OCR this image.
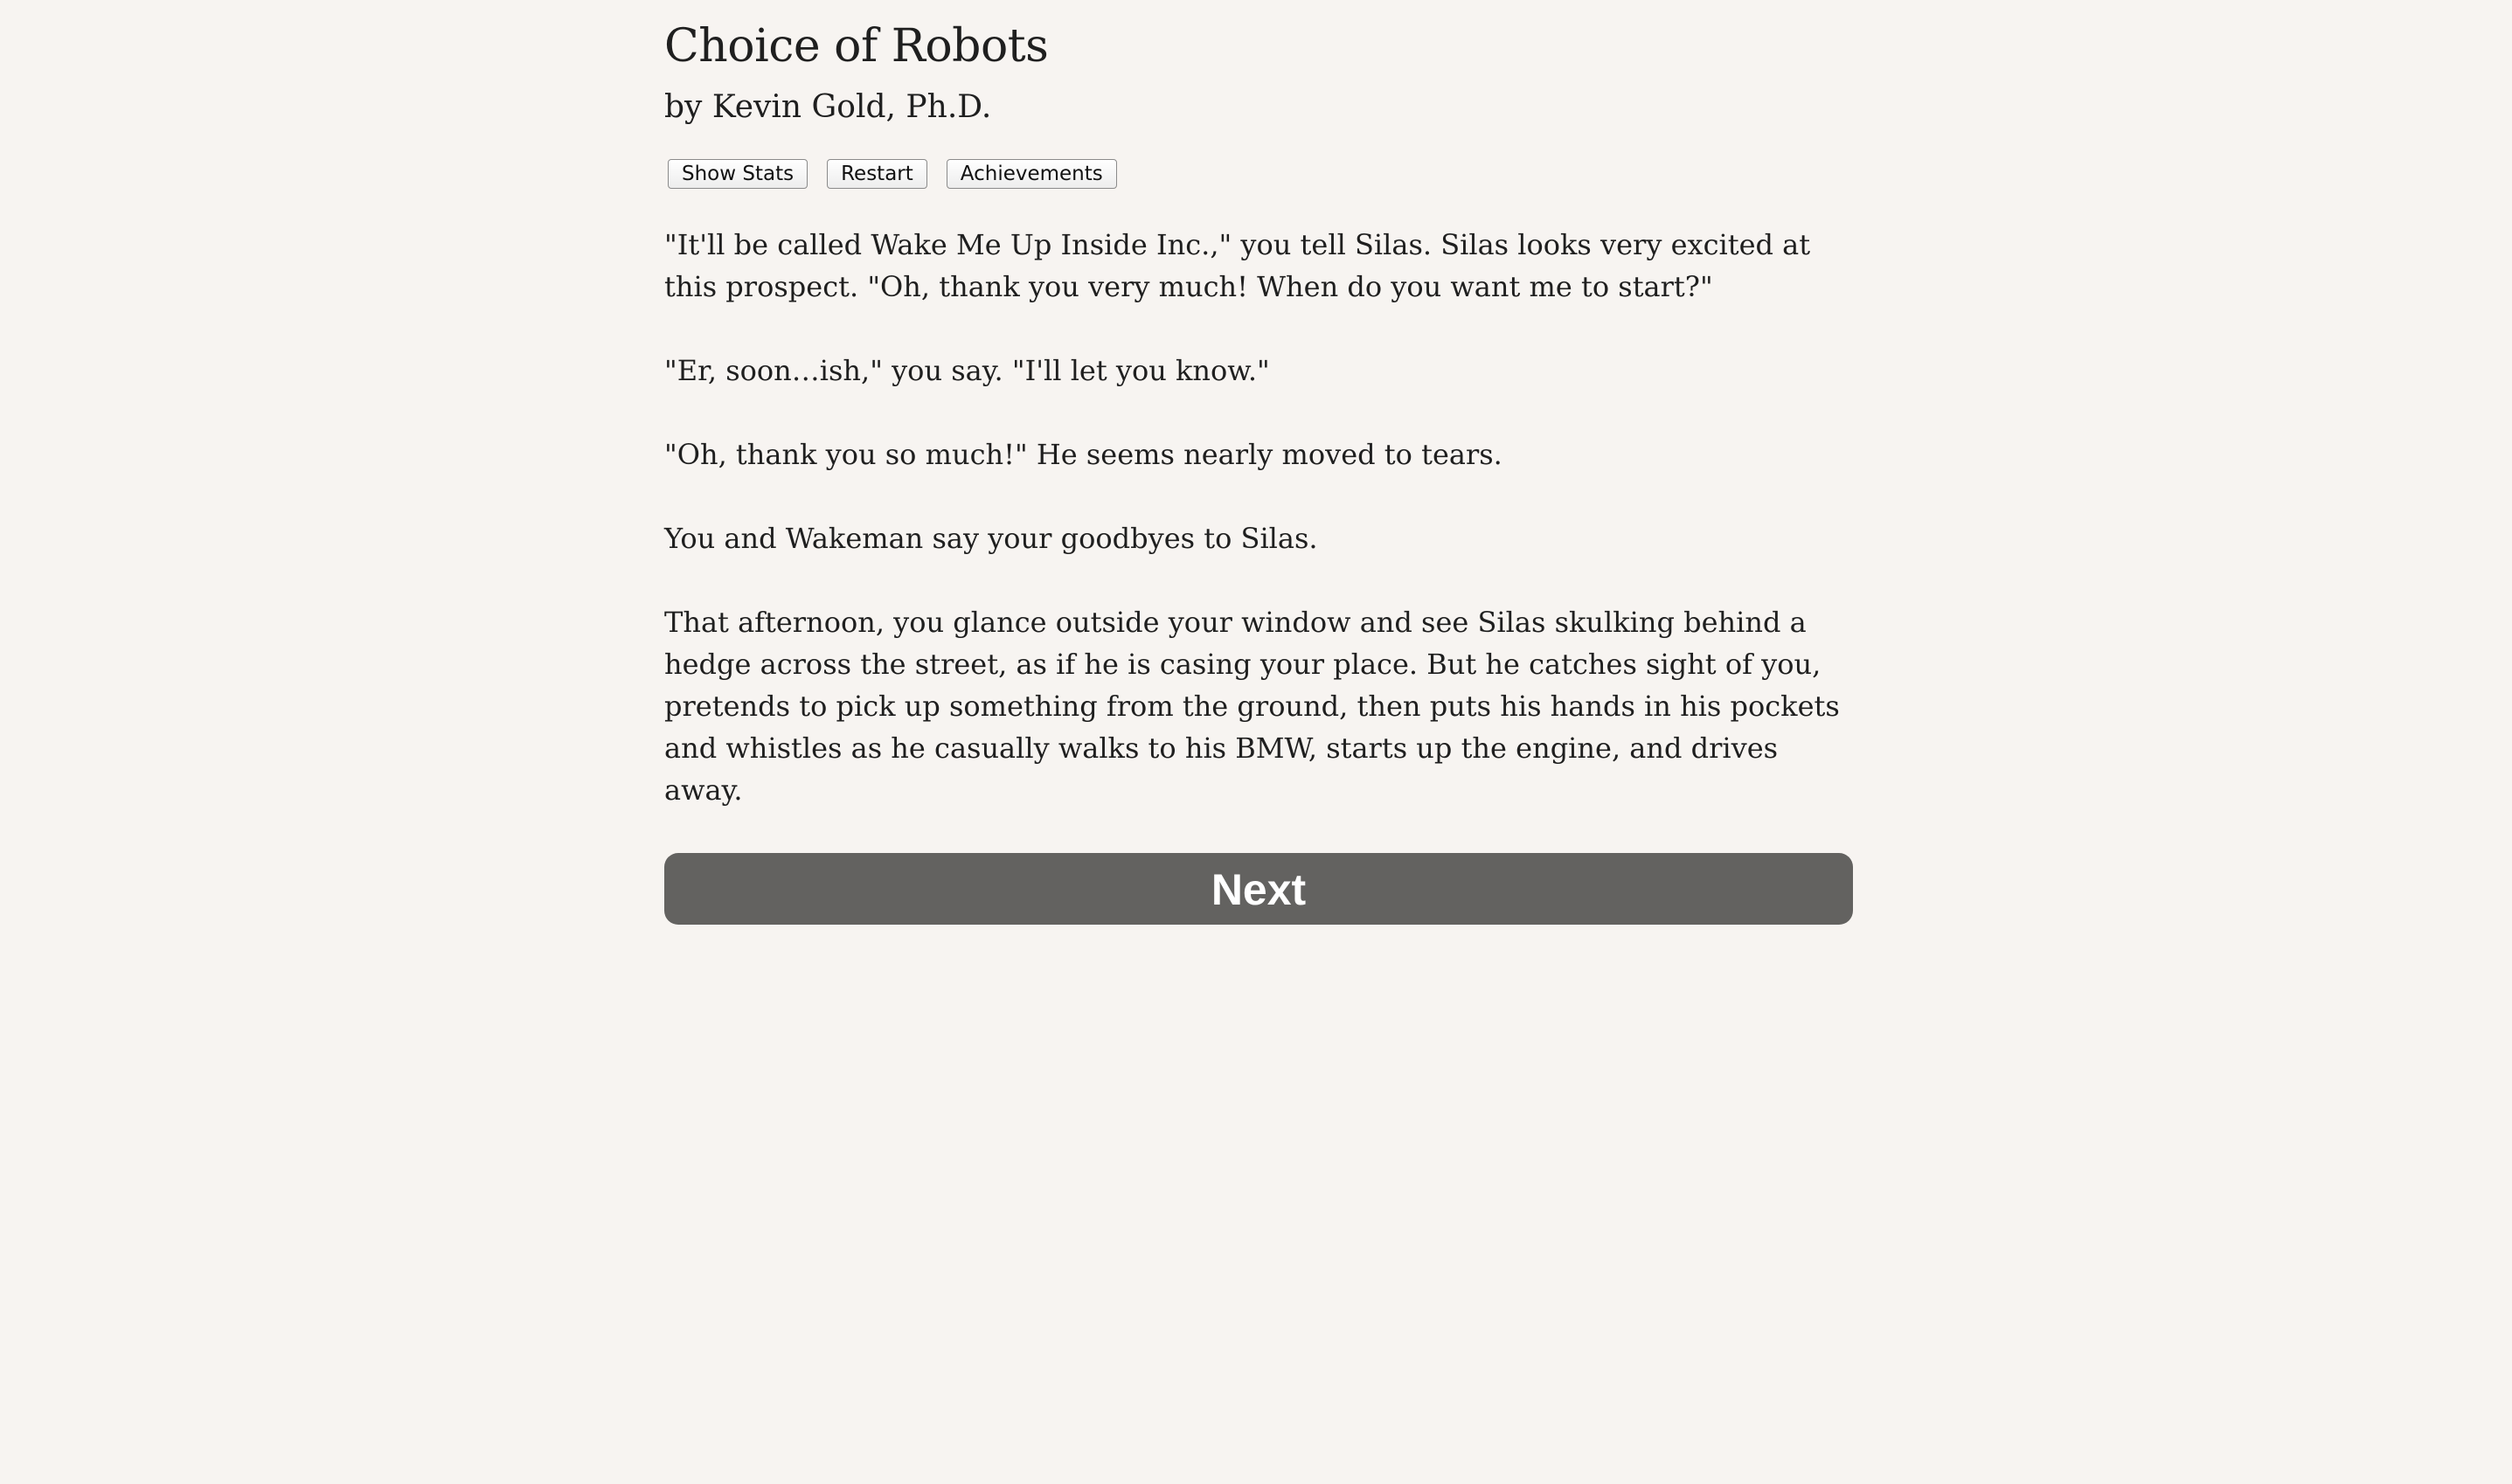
Choice of Robots
by Kevin Gold, Ph.D.
Show Stats	Restart	Achievements

"It'll be called Wake Me Up Inside Inc.," you tell Silas. Silas looks very excited at this prospect. "Oh, thank you very much! When do you want me to start?"

"Er, soon…ish," you say. "I'll let you know."

"Oh, thank you so much!" He seems nearly moved to tears.

You and Wakeman say your goodbyes to Silas.

That afternoon, you glance outside your window and see Silas skulking behind a hedge across the street, as if he is casing your place. But he catches sight of you, pretends to pick up something from the ground, then puts his hands in his pockets and whistles as he casually walks to his BMW, starts up the engine, and drives away.

Next
